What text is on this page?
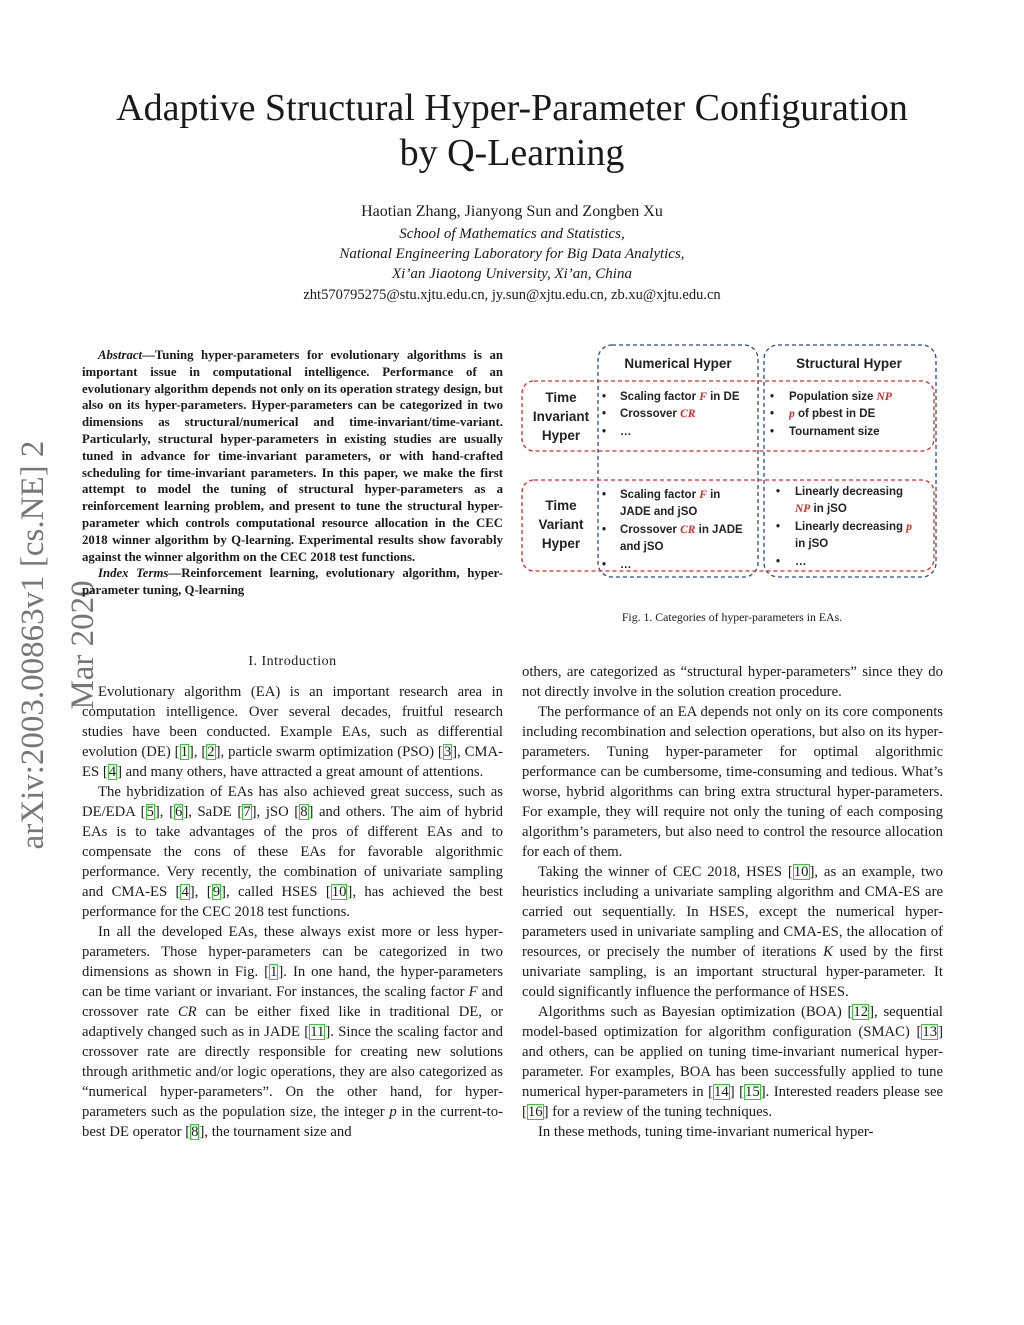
arXiv:2003.00863v1 [cs.NE] 2 Mar 2020
Adaptive Structural Hyper-Parameter Configuration
by Q-Learning
Haotian Zhang, Jianyong Sun and Zongben Xu
School of Mathematics and Statistics,
National Engineering Laboratory for Big Data Analytics,
Xi’an Jiaotong University, Xi’an, China
zht570795275@stu.xjtu.edu.cn, jy.sun@xjtu.edu.cn, zb.xu@xjtu.edu.cn

Abstract—Tuning hyper-parameters for evolutionary algorithms is an important issue in computational intelligence. Performance of an evolutionary algorithm depends not only on its operation strategy design, but also on its hyper-parameters. Hyper-parameters can be categorized in two dimensions as structural/numerical and time-invariant/time-variant. Particularly, structural hyper-parameters in existing studies are usually tuned in advance for time-invariant parameters, or with hand-crafted scheduling for time-invariant parameters. In this paper, we make the first attempt to model the tuning of structural hyper-parameters as a reinforcement learning problem, and present to tune the structural hyper-parameter which controls computational resource allocation in the CEC 2018 winner algorithm by Q-learning. Experimental results show favorably against the winner algorithm on the CEC 2018 test functions.

Index Terms—Reinforcement learning, evolutionary algorithm, hyper-parameter tuning, Q-learning

I. Introduction
Numerical Hyper	Structural Hyper
Time
Invariant
Hyper
Time
Variant
Hyper
•
•
•
Scaling factor F in DE
Crossover CR
…
•
•
•
Population size NP
p of pbest in DE
Tournament size
•
•
•
Scaling factor F in
JADE and jSO
Crossover CR in JADE
and jSO
…
•
•
•
Linearly decreasing
NP in jSO
Linearly decreasing p
in jSO
…
Fig. 1. Categories of hyper-parameters in EAs.

Evolutionary algorithm (EA) is an important research area in computation intelligence. Over several decades, fruitful research studies have been conducted. Example EAs, such as differential evolution (DE) [1], [2], particle swarm optimization (PSO) [3], CMA-ES [4] and many others, have attracted a great amount of attentions.

The hybridization of EAs has also achieved great success, such as DE/EDA [5], [6], SaDE [7], jSO [8] and others. The aim of hybrid EAs is to take advantages of the pros of different EAs and to compensate the cons of these EAs for favorable algorithmic performance. Very recently, the combination of univariate sampling and CMA-ES [4], [9], called HSES [10], has achieved the best performance for the CEC 2018 test functions.

In all the developed EAs, these always exist more or less hyper-parameters. Those hyper-parameters can be categorized in two dimensions as shown in Fig. [1]. In one hand, the hyper-parameters can be time variant or invariant. For instances, the scaling factor F and crossover rate CR can be either fixed like in traditional DE, or adaptively changed such as in JADE [11]. Since the scaling factor and crossover rate are directly responsible for creating new solutions through arithmetic and/or logic operations, they are also categorized as “numerical hyper-parameters”. On the other hand, for hyper-parameters such as the population size, the integer p in the current-to-best DE operator [8], the tournament size and

others, are categorized as “structural hyper-parameters” since they do not directly involve in the solution creation procedure.

The performance of an EA depends not only on its core components including recombination and selection operations, but also on its hyper-parameters. Tuning hyper-parameter for optimal algorithmic performance can be cumbersome, time-consuming and tedious. What’s worse, hybrid algorithms can bring extra structural hyper-parameters. For example, they will require not only the tuning of each composing algorithm’s parameters, but also need to control the resource allocation for each of them.

Taking the winner of CEC 2018, HSES [10], as an example, two heuristics including a univariate sampling algorithm and CMA-ES are carried out sequentially. In HSES, except the numerical hyper-parameters used in univariate sampling and CMA-ES, the allocation of resources, or precisely the number of iterations K used by the first univariate sampling, is an important structural hyper-parameter. It could significantly influence the performance of HSES.

Algorithms such as Bayesian optimization (BOA) [12], sequential model-based optimization for algorithm configuration (SMAC) [13] and others, can be applied on tuning time-invariant numerical hyper-parameter. For examples, BOA has been successfully applied to tune numerical hyper-parameters in [14] [15]. Interested readers please see [16] for a review of the tuning techniques.

In these methods, tuning time-invariant numerical hyper-
